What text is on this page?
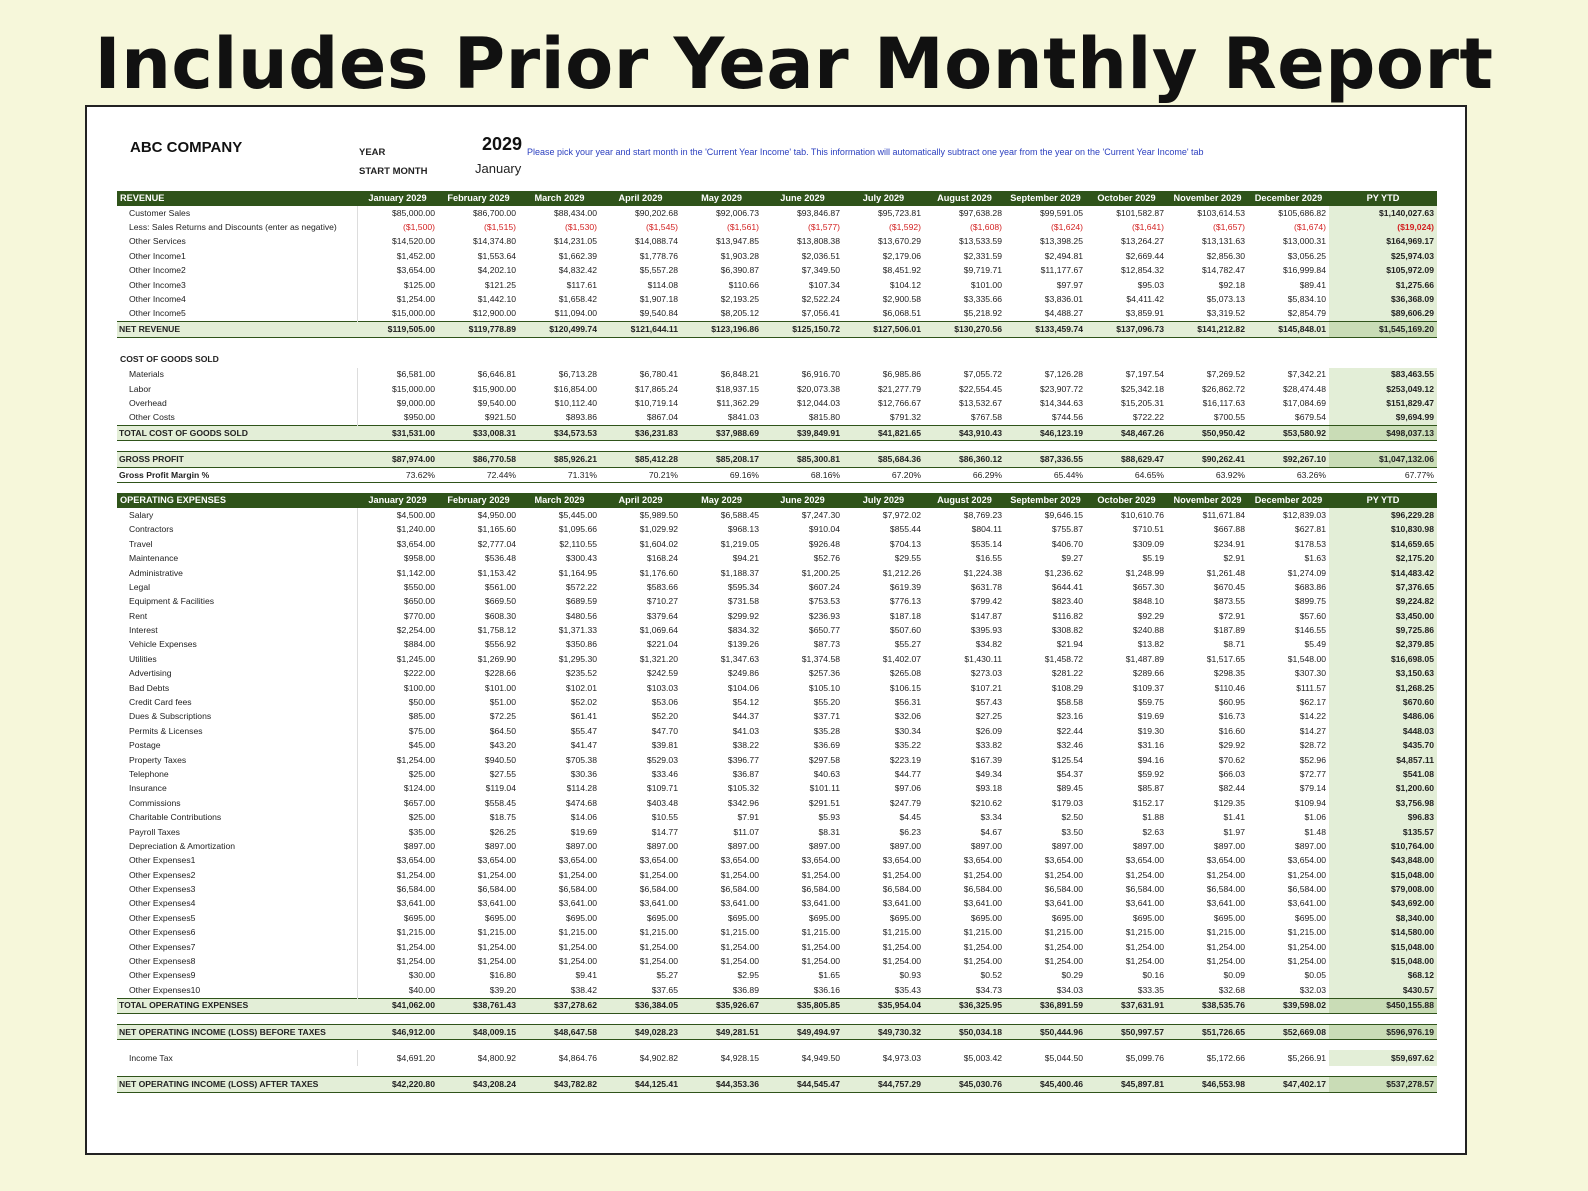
Includes Prior Year Monthly Report
ABC COMPANY	YEAR	2029
START MONTH	January
Please pick your year and start month in the 'Current Year Income' tab. This information will automatically subtract one year from the year on the 'Current Year Income' tab
REVENUE	January 2029	February 2029	March 2029	April 2029	May 2029	June 2029	July 2029	August 2029	September 2029	October 2029	November 2029	December 2029	PY YTD
Customer Sales	$85,000.00	$86,700.00	$88,434.00	$90,202.68	$92,006.73	$93,846.87	$95,723.81	$97,638.28	$99,591.05	$101,582.87	$103,614.53	$105,686.82	$1,140,027.63
Less: Sales Returns and Discounts (enter as negative)	($1,500)	($1,515)	($1,530)	($1,545)	($1,561)	($1,577)	($1,592)	($1,608)	($1,624)	($1,641)	($1,657)	($1,674)	($19,024)
Other Services	$14,520.00	$14,374.80	$14,231.05	$14,088.74	$13,947.85	$13,808.38	$13,670.29	$13,533.59	$13,398.25	$13,264.27	$13,131.63	$13,000.31	$164,969.17
Other Income1	$1,452.00	$1,553.64	$1,662.39	$1,778.76	$1,903.28	$2,036.51	$2,179.06	$2,331.59	$2,494.81	$2,669.44	$2,856.30	$3,056.25	$25,974.03
Other Income2	$3,654.00	$4,202.10	$4,832.42	$5,557.28	$6,390.87	$7,349.50	$8,451.92	$9,719.71	$11,177.67	$12,854.32	$14,782.47	$16,999.84	$105,972.09
Other Income3	$125.00	$121.25	$117.61	$114.08	$110.66	$107.34	$104.12	$101.00	$97.97	$95.03	$92.18	$89.41	$1,275.66
Other Income4	$1,254.00	$1,442.10	$1,658.42	$1,907.18	$2,193.25	$2,522.24	$2,900.58	$3,335.66	$3,836.01	$4,411.42	$5,073.13	$5,834.10	$36,368.09
Other Income5	$15,000.00	$12,900.00	$11,094.00	$9,540.84	$8,205.12	$7,056.41	$6,068.51	$5,218.92	$4,488.27	$3,859.91	$3,319.52	$2,854.79	$89,606.29
NET REVENUE	$119,505.00	$119,778.89	$120,499.74	$121,644.11	$123,196.86	$125,150.72	$127,506.01	$130,270.56	$133,459.74	$137,096.73	$141,212.82	$145,848.01	$1,545,169.20

COST OF GOODS SOLD													
Materials	$6,581.00	$6,646.81	$6,713.28	$6,780.41	$6,848.21	$6,916.70	$6,985.86	$7,055.72	$7,126.28	$7,197.54	$7,269.52	$7,342.21	$83,463.55
Labor	$15,000.00	$15,900.00	$16,854.00	$17,865.24	$18,937.15	$20,073.38	$21,277.79	$22,554.45	$23,907.72	$25,342.18	$26,862.72	$28,474.48	$253,049.12
Overhead	$9,000.00	$9,540.00	$10,112.40	$10,719.14	$11,362.29	$12,044.03	$12,766.67	$13,532.67	$14,344.63	$15,205.31	$16,117.63	$17,084.69	$151,829.47
Other Costs	$950.00	$921.50	$893.86	$867.04	$841.03	$815.80	$791.32	$767.58	$744.56	$722.22	$700.55	$679.54	$9,694.99
TOTAL COST OF GOODS SOLD	$31,531.00	$33,008.31	$34,573.53	$36,231.83	$37,988.69	$39,849.91	$41,821.65	$43,910.43	$46,123.19	$48,467.26	$50,950.42	$53,580.92	$498,037.13

GROSS PROFIT	$87,974.00	$86,770.58	$85,926.21	$85,412.28	$85,208.17	$85,300.81	$85,684.36	$86,360.12	$87,336.55	$88,629.47	$90,262.41	$92,267.10	$1,047,132.06
Gross Profit Margin %	73.62%	72.44%	71.31%	70.21%	69.16%	68.16%	67.20%	66.29%	65.44%	64.65%	63.92%	63.26%	67.77%

OPERATING EXPENSES	January 2029	February 2029	March 2029	April 2029	May 2029	June 2029	July 2029	August 2029	September 2029	October 2029	November 2029	December 2029	PY YTD
Salary	$4,500.00	$4,950.00	$5,445.00	$5,989.50	$6,588.45	$7,247.30	$7,972.02	$8,769.23	$9,646.15	$10,610.76	$11,671.84	$12,839.03	$96,229.28
Contractors	$1,240.00	$1,165.60	$1,095.66	$1,029.92	$968.13	$910.04	$855.44	$804.11	$755.87	$710.51	$667.88	$627.81	$10,830.98
Travel	$3,654.00	$2,777.04	$2,110.55	$1,604.02	$1,219.05	$926.48	$704.13	$535.14	$406.70	$309.09	$234.91	$178.53	$14,659.65
Maintenance	$958.00	$536.48	$300.43	$168.24	$94.21	$52.76	$29.55	$16.55	$9.27	$5.19	$2.91	$1.63	$2,175.20
Administrative	$1,142.00	$1,153.42	$1,164.95	$1,176.60	$1,188.37	$1,200.25	$1,212.26	$1,224.38	$1,236.62	$1,248.99	$1,261.48	$1,274.09	$14,483.42
Legal	$550.00	$561.00	$572.22	$583.66	$595.34	$607.24	$619.39	$631.78	$644.41	$657.30	$670.45	$683.86	$7,376.65
Equipment & Facilities	$650.00	$669.50	$689.59	$710.27	$731.58	$753.53	$776.13	$799.42	$823.40	$848.10	$873.55	$899.75	$9,224.82
Rent	$770.00	$608.30	$480.56	$379.64	$299.92	$236.93	$187.18	$147.87	$116.82	$92.29	$72.91	$57.60	$3,450.00
Interest	$2,254.00	$1,758.12	$1,371.33	$1,069.64	$834.32	$650.77	$507.60	$395.93	$308.82	$240.88	$187.89	$146.55	$9,725.86
Vehicle Expenses	$884.00	$556.92	$350.86	$221.04	$139.26	$87.73	$55.27	$34.82	$21.94	$13.82	$8.71	$5.49	$2,379.85
Utilities	$1,245.00	$1,269.90	$1,295.30	$1,321.20	$1,347.63	$1,374.58	$1,402.07	$1,430.11	$1,458.72	$1,487.89	$1,517.65	$1,548.00	$16,698.05
Advertising	$222.00	$228.66	$235.52	$242.59	$249.86	$257.36	$265.08	$273.03	$281.22	$289.66	$298.35	$307.30	$3,150.63
Bad Debts	$100.00	$101.00	$102.01	$103.03	$104.06	$105.10	$106.15	$107.21	$108.29	$109.37	$110.46	$111.57	$1,268.25
Credit Card fees	$50.00	$51.00	$52.02	$53.06	$54.12	$55.20	$56.31	$57.43	$58.58	$59.75	$60.95	$62.17	$670.60
Dues & Subscriptions	$85.00	$72.25	$61.41	$52.20	$44.37	$37.71	$32.06	$27.25	$23.16	$19.69	$16.73	$14.22	$486.06
Permits & Licenses	$75.00	$64.50	$55.47	$47.70	$41.03	$35.28	$30.34	$26.09	$22.44	$19.30	$16.60	$14.27	$448.03
Postage	$45.00	$43.20	$41.47	$39.81	$38.22	$36.69	$35.22	$33.82	$32.46	$31.16	$29.92	$28.72	$435.70
Property Taxes	$1,254.00	$940.50	$705.38	$529.03	$396.77	$297.58	$223.19	$167.39	$125.54	$94.16	$70.62	$52.96	$4,857.11
Telephone	$25.00	$27.55	$30.36	$33.46	$36.87	$40.63	$44.77	$49.34	$54.37	$59.92	$66.03	$72.77	$541.08
Insurance	$124.00	$119.04	$114.28	$109.71	$105.32	$101.11	$97.06	$93.18	$89.45	$85.87	$82.44	$79.14	$1,200.60
Commissions	$657.00	$558.45	$474.68	$403.48	$342.96	$291.51	$247.79	$210.62	$179.03	$152.17	$129.35	$109.94	$3,756.98
Charitable Contributions	$25.00	$18.75	$14.06	$10.55	$7.91	$5.93	$4.45	$3.34	$2.50	$1.88	$1.41	$1.06	$96.83
Payroll Taxes	$35.00	$26.25	$19.69	$14.77	$11.07	$8.31	$6.23	$4.67	$3.50	$2.63	$1.97	$1.48	$135.57
Depreciation & Amortization	$897.00	$897.00	$897.00	$897.00	$897.00	$897.00	$897.00	$897.00	$897.00	$897.00	$897.00	$897.00	$10,764.00
Other Expenses1	$3,654.00	$3,654.00	$3,654.00	$3,654.00	$3,654.00	$3,654.00	$3,654.00	$3,654.00	$3,654.00	$3,654.00	$3,654.00	$3,654.00	$43,848.00
Other Expenses2	$1,254.00	$1,254.00	$1,254.00	$1,254.00	$1,254.00	$1,254.00	$1,254.00	$1,254.00	$1,254.00	$1,254.00	$1,254.00	$1,254.00	$15,048.00
Other Expenses3	$6,584.00	$6,584.00	$6,584.00	$6,584.00	$6,584.00	$6,584.00	$6,584.00	$6,584.00	$6,584.00	$6,584.00	$6,584.00	$6,584.00	$79,008.00
Other Expenses4	$3,641.00	$3,641.00	$3,641.00	$3,641.00	$3,641.00	$3,641.00	$3,641.00	$3,641.00	$3,641.00	$3,641.00	$3,641.00	$3,641.00	$43,692.00
Other Expenses5	$695.00	$695.00	$695.00	$695.00	$695.00	$695.00	$695.00	$695.00	$695.00	$695.00	$695.00	$695.00	$8,340.00
Other Expenses6	$1,215.00	$1,215.00	$1,215.00	$1,215.00	$1,215.00	$1,215.00	$1,215.00	$1,215.00	$1,215.00	$1,215.00	$1,215.00	$1,215.00	$14,580.00
Other Expenses7	$1,254.00	$1,254.00	$1,254.00	$1,254.00	$1,254.00	$1,254.00	$1,254.00	$1,254.00	$1,254.00	$1,254.00	$1,254.00	$1,254.00	$15,048.00
Other Expenses8	$1,254.00	$1,254.00	$1,254.00	$1,254.00	$1,254.00	$1,254.00	$1,254.00	$1,254.00	$1,254.00	$1,254.00	$1,254.00	$1,254.00	$15,048.00
Other Expenses9	$30.00	$16.80	$9.41	$5.27	$2.95	$1.65	$0.93	$0.52	$0.29	$0.16	$0.09	$0.05	$68.12
Other Expenses10	$40.00	$39.20	$38.42	$37.65	$36.89	$36.16	$35.43	$34.73	$34.03	$33.35	$32.68	$32.03	$430.57
TOTAL OPERATING EXPENSES	$41,062.00	$38,761.43	$37,278.62	$36,384.05	$35,926.67	$35,805.85	$35,954.04	$36,325.95	$36,891.59	$37,631.91	$38,535.76	$39,598.02	$450,155.88

NET OPERATING INCOME (LOSS) BEFORE TAXES	$46,912.00	$48,009.15	$48,647.58	$49,028.23	$49,281.51	$49,494.97	$49,730.32	$50,034.18	$50,444.96	$50,997.57	$51,726.65	$52,669.08	$596,976.19

Income Tax	$4,691.20	$4,800.92	$4,864.76	$4,902.82	$4,928.15	$4,949.50	$4,973.03	$5,003.42	$5,044.50	$5,099.76	$5,172.66	$5,266.91	$59,697.62

NET OPERATING INCOME (LOSS) AFTER TAXES	$42,220.80	$43,208.24	$43,782.82	$44,125.41	$44,353.36	$44,545.47	$44,757.29	$45,030.76	$45,400.46	$45,897.81	$46,553.98	$47,402.17	$537,278.57
